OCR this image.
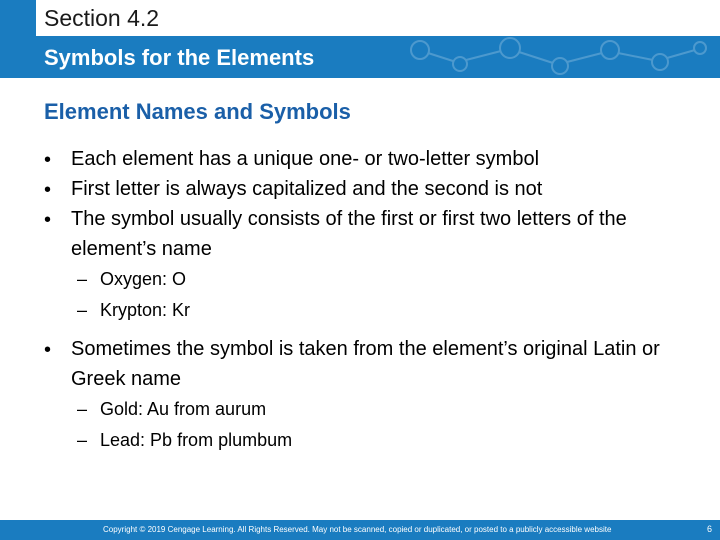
Section 4.2
Symbols for the Elements
Element Names and Symbols
• Each element has a unique one- or two-letter symbol
• First letter is always capitalized and the second is not
• The symbol usually consists of the first or first two letters of the element’s name
– Oxygen: O
– Krypton: Kr
• Sometimes the symbol is taken from the element’s original Latin or Greek name
– Gold: Au from aurum
– Lead: Pb from plumbum
Copyright © 2019 Cengage Learning. All Rights Reserved. May not be scanned, copied or duplicated, or posted to a publicly accessible website	6
